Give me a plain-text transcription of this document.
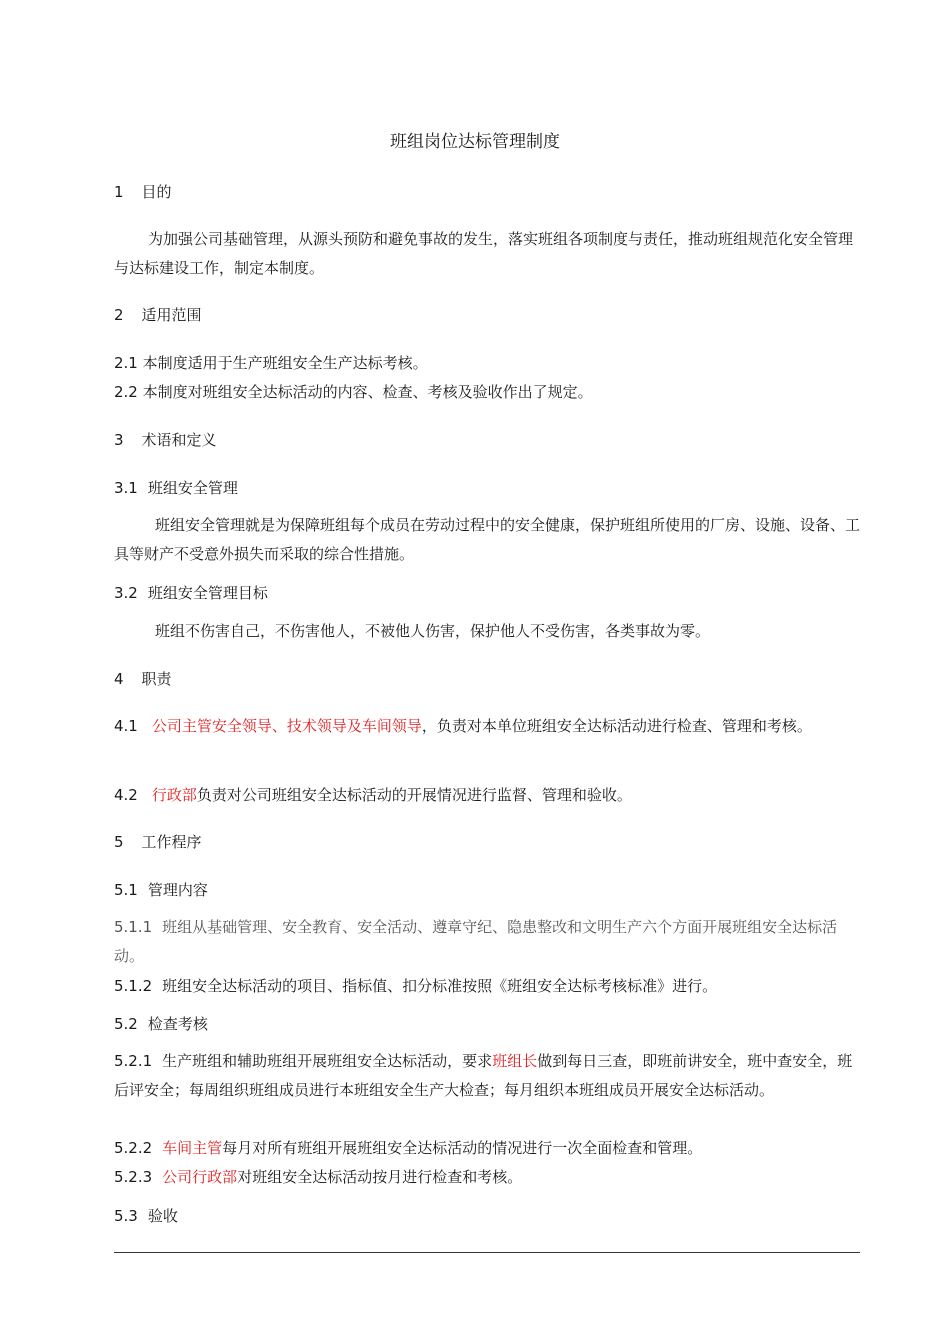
班组岗位达标管理制度
1 目的
为加强公司基础管理，从源头预防和避免事故的发生，落实班组各项制度与责任，推动班组规范化安全管理与达标建设工作，制定本制度。
2 适用范围
2.1 本制度适用于生产班组安全生产达标考核。
2.2 本制度对班组安全达标活动的内容、检查、考核及验收作出了规定。
3 术语和定义
3.1 班组安全管理
班组安全管理就是为保障班组每个成员在劳动过程中的安全健康，保护班组所使用的厂房、设施、设备、工具等财产不受意外损失而采取的综合性措施。
3.2 班组安全管理目标
班组不伤害自己，不伤害他人，不被他人伤害，保护他人不受伤害，各类事故为零。
4 职责
4.1 公司主管安全领导、技术领导及车间领导，负责对本单位班组安全达标活动进行检查、管理和考核。
4.2 行政部负责对公司班组安全达标活动的开展情况进行监督、管理和验收。
5 工作程序
5.1 管理内容
5.1.1 班组从基础管理、安全教育、安全活动、遵章守纪、隐患整改和文明生产六个方面开展班组安全达标活动。
5.1.2 班组安全达标活动的项目、指标值、扣分标准按照《班组安全达标考核标准》进行。
5.2 检查考核
5.2.1 生产班组和辅助班组开展班组安全达标活动，要求班组长做到每日三查，即班前讲安全，班中查安全，班后评安全；每周组织班组成员进行本班组安全生产大检查；每月组织本班组成员开展安全达标活动。
5.2.2 车间主管每月对所有班组开展班组安全达标活动的情况进行一次全面检查和管理。
5.2.3 公司行政部对班组安全达标活动按月进行检查和考核。
5.3 验收
